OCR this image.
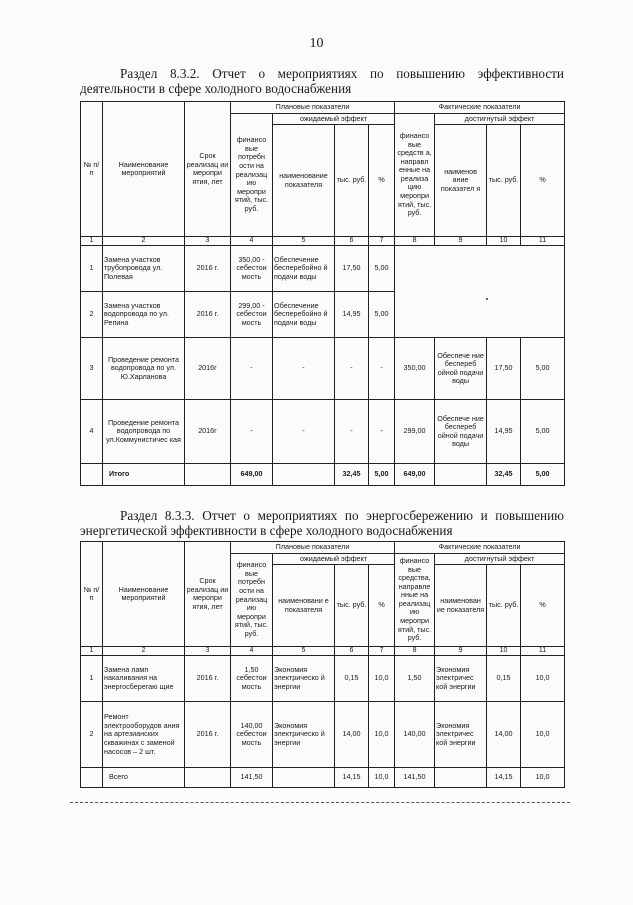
10
Раздел 8.3.2. Отчет о мероприятиях по повышению эффективности
деятельности в сфере холодного водоснабжения
№ п/п	Наименование мероприятий	Срок реализац ии меропри ятия, лет	Плановые показатели				Фактические показатели			
			финансо вые потребн ости на реализац ию меропри ятий, тыс. руб.	ожидаемый эффект			финансо вые средств а, направл енные на реализа цию меропри ятий, тыс. руб.	достигнутый эффект		
				наименование показателя	тыс. руб.	%		наименов ание показател я	тыс. руб.	%
1	2	3	4	5	6	7	8	9	10	11
1	Замена участков трубопровода ул. Полевая	2016 г.	350,00 - себестои мость	Обеспечение бесперебойно й подачи воды	17,50	5,00				
2	Замена участков водопровода по ул. Репина	2016 г.	299,00 - себестои мость	Обеспечение бесперебойно й подачи воды	14,95	5,00				
3	Проведение ремонта водопровода по ул. Ю.Харланова	2016г	-	-	-	-	350,00	Обеспече ние беспереб ойной подачи воды	17,50	5,00
4	Проведение ремонта водопровода по ул.Коммунистичес кая	2016г	-	-	-	-	299,00	Обеспече ние беспереб ойной подачи воды	14,95	5,00
	Итого		649,00		32,45	5,00	649,00		32,45	5,00
Раздел 8.3.3. Отчет о мероприятиях по энергосбережению и повышению
энергетической эффективности в сфере холодного водоснабжения
№ п/п	Наименование мероприятий	Срок реализац ии меропри ятия, лет	Плановые показатели				Фактические показатели			
			финансо вые потребн ости на реализац ию меропри ятий, тыс. руб.	ожидаемый эффект			финансо вые средства, направле нные на реализац ию меропри ятий, тыс. руб.	достигнутый эффект		
				наименовани е показателя	тыс. руб.	%		наименован ие показателя	тыс. руб.	%
1	2	3	4	5	6	7	8	9	10	11
1	Замена ламп накаливания на энергосберегаю щие	2016 г.	1,50 себестои мость	Экономия электрическо й энергии	0,15	10,0	1,50	Экономия электричес кой энергии	0,15	10,0
2	Ремонт электрооборудов ания на артезианских скважинах с заменой насосов – 2 шт.	2016 г.	140,00 себестои мость	Экономия электрическо й энергии	14,00	10,0	140,00	Экономия электричес кой энергии	14,00	10,0
	Всего		141,50		14,15	10,0	141,50		14,15	10,0
